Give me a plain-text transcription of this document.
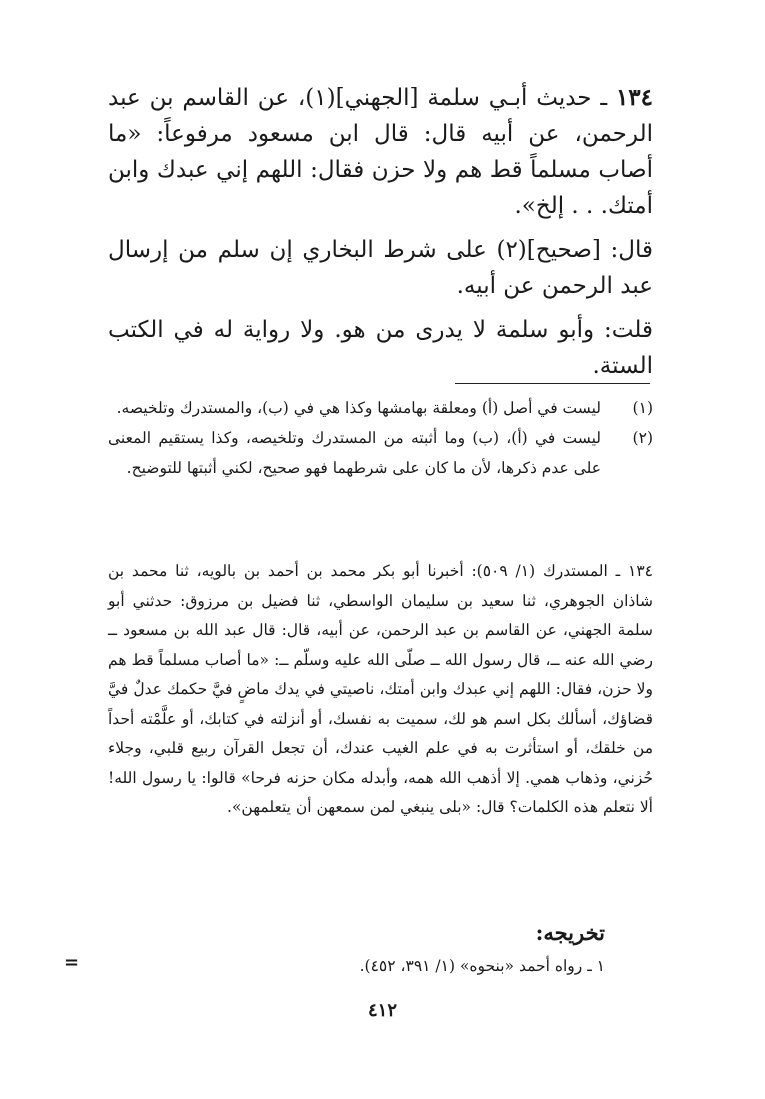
١٣٤ ـ حديث أبـي سلمة [الجهني](١)، عن القاسم بن عبد الرحمن، عن أبيه قال: قال ابن مسعود مرفوعاً: «ما أصاب مسلماً قط هم ولا حزن فقال: اللهم إني عبدك وابن أمتك. . . إلخ».

قال: [صحيح](٢) على شرط البخاري إن سلم من إرسال عبد الرحمن عن أبيه.

قلت: وأبو سلمة لا يدرى من هو. ولا رواية له في الكتب الستة.

(١)
ليست في أصل (أ) ومعلقة بهامشها وكذا هي في (ب)، والمستدرك وتلخيصه.
(٢)
ليست في (أ)، (ب) وما أثبته من المستدرك وتلخيصه، وكذا يستقيم المعنى على عدم ذكرها، لأن ما كان على شرطهما فهو صحيح، لكني أثبتها للتوضيح.
١٣٤ ـ المستدرك (١/ ٥٠٩): أخبرنا أبو بكر محمد بن أحمد بن بالويه، ثنا محمد بن شاذان الجوهري، ثنا سعيد بن سليمان الواسطي، ثنا فضيل بن مرزوق: حدثني أبو سلمة الجهني، عن القاسم بن عبد الرحمن، عن أبيه، قال: قال عبد الله بن مسعود ــ رضي الله عنه ــ، قال رسول الله ــ صلّى الله عليه وسلّم ــ: «ما أصاب مسلماً قط هم ولا حزن، فقال: اللهم إني عبدك وابن أمتك، ناصيتي في يدك ماضٍ فيَّ حكمك عدلٌ فيَّ قضاؤك، أسألك بكل اسم هو لك، سميت به نفسك، أو أنزلته في كتابك، أو علَّمْته أحداً من خلقك، أو استأثرت به في علم الغيب عندك، أن تجعل القرآن ربيع قلبي، وجلاء حُزني، وذهاب همي. إلا أذهب الله همه، وأبدله مكان حزنه فرحا» قالوا: يا رسول الله! ألا نتعلم هذه الكلمات؟ قال: «بلى ينبغي لمن سمعهن أن يتعلمهن».
تخريجه:
١ ـ رواه أحمد «بنحوه» (١/ ٣٩١، ٤٥٢).
=
٤١٢
